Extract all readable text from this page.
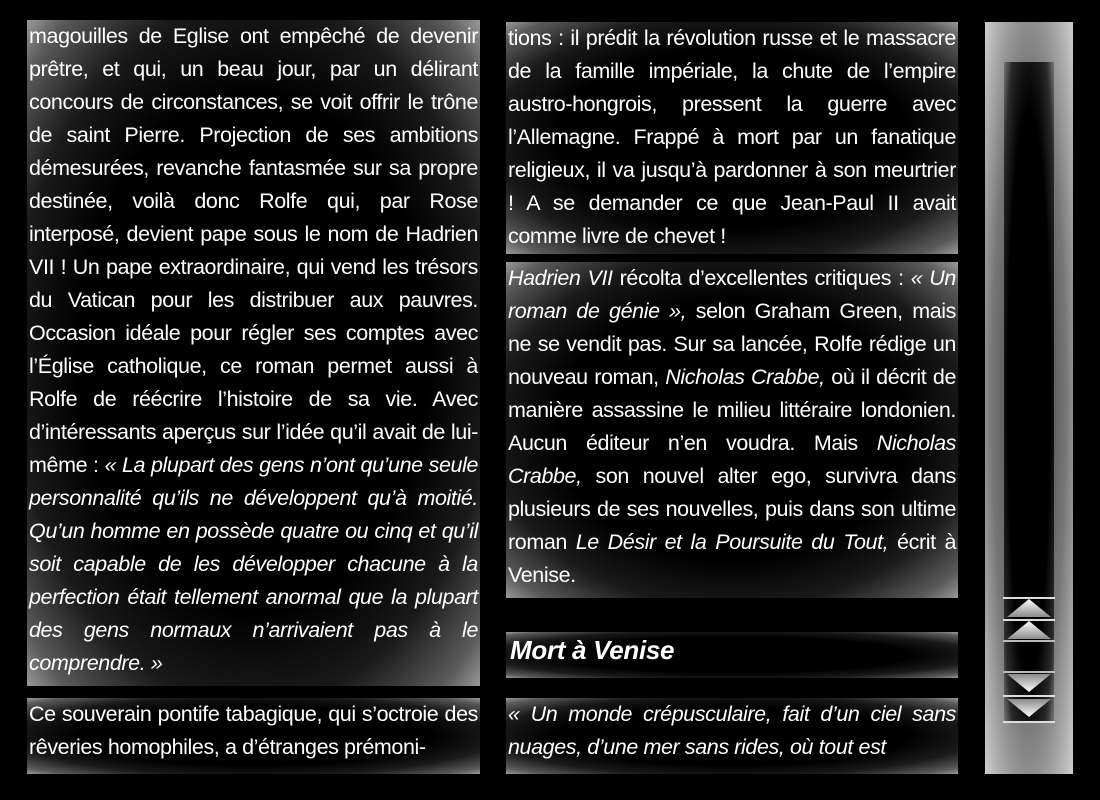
magouilles de Eglise ont empêché de devenir prêtre, et qui, un beau jour, par un délirant concours de circonstances, se voit offrir le trône de saint Pierre. Projection de ses ambitions démesurées, revanche fantasmée sur sa propre destinée, voilà donc Rolfe qui, par Rose interposé, devient pape sous le nom de Hadrien VII ! Un pape extraordinaire, qui vend les trésors du Vatican pour les distribuer aux pauvres. Occasion idéale pour régler ses comptes avec l’Église catholique, ce roman permet aussi à Rolfe de réécrire l’histoire de sa vie. Avec d’intéressants aperçus sur l’idée qu’il avait de lui-même : « La plupart des gens n’ont qu’une seule personnalité qu’ils ne développent qu’à moitié. Qu’un homme en possède quatre ou cinq et qu’il soit capable de les développer chacune à la perfection était tellement anormal que la plupart des gens normaux n’arrivaient pas à le comprendre. »
Ce souverain pontife tabagique, qui s’octroie des rêveries homophiles, a d’étranges prémoni-
tions : il prédit la révolution russe et le massacre de la famille impériale, la chute de l’empire austro-hongrois, pressent la guerre avec l’Allemagne. Frappé à mort par un fanatique religieux, il va jusqu’à pardonner à son meurtrier ! A se demander ce que Jean-Paul II avait comme livre de chevet !
Hadrien VII récolta d’excellentes critiques : « Un roman de génie », selon Graham Green, mais ne se vendit pas. Sur sa lancée, Rolfe rédige un nouveau roman, Nicholas Crabbe, où il décrit de manière assassine le milieu littéraire londonien. Aucun éditeur n’en voudra. Mais Nicholas Crabbe, son nouvel alter ego, survivra dans plusieurs de ses nouvelles, puis dans son ultime roman Le Désir et la Poursuite du Tout, écrit à Venise.
Mort à Venise
« Un monde crépusculaire, fait d’un ciel sans nuages, d’une mer sans rides, où tout est
